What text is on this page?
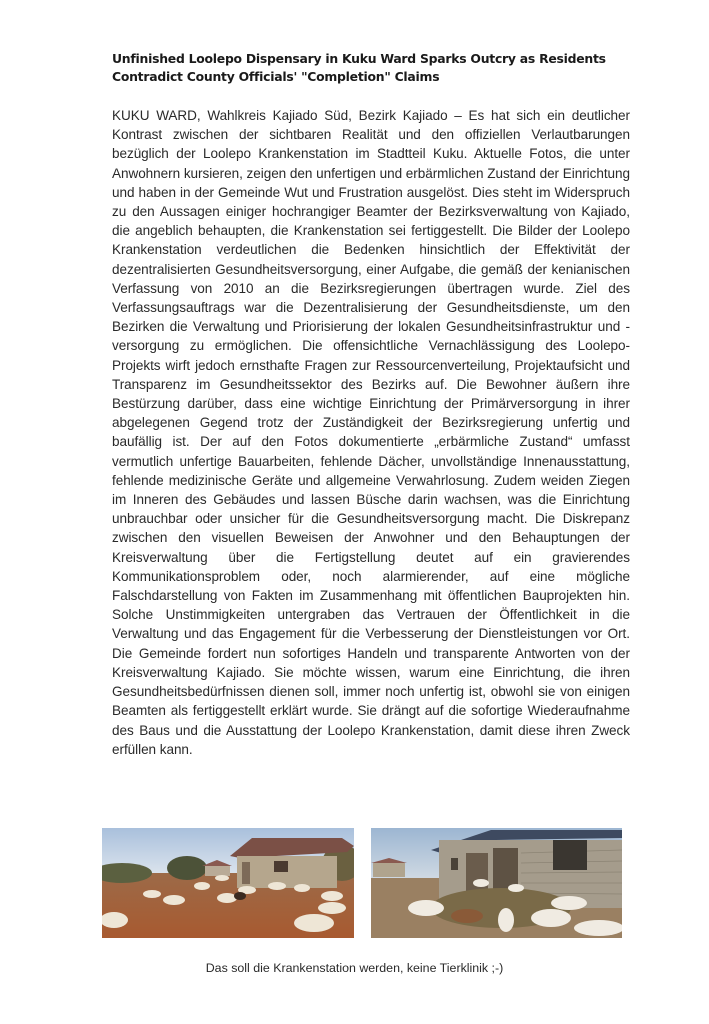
Unfinished Loolepo Dispensary in Kuku Ward Sparks Outcry as Residents
Contradict County Officials' "Completion" Claims
KUKU WARD, Wahlkreis Kajiado Süd, Bezirk Kajiado – Es hat sich ein deutlicher Kontrast zwischen der sichtbaren Realität und den offiziellen Verlautbarungen bezüglich der Loolepo Krankenstation im Stadtteil Kuku. Aktuelle Fotos, die unter Anwohnern kursieren, zeigen den unfertigen und erbärmlichen Zustand der Einrichtung und haben in der Gemeinde Wut und Frustration ausgelöst. Dies steht im Widerspruch zu den Aussagen einiger hochrangiger Beamter der Bezirksverwaltung von Kajiado, die angeblich behaupten, die Krankenstation sei fertiggestellt. Die Bilder der Loolepo Krankenstation verdeutlichen die Bedenken hinsichtlich der Effektivität der dezentralisierten Gesundheitsversorgung, einer Aufgabe, die gemäß der kenianischen Verfassung von 2010 an die Bezirksregierungen übertragen wurde. Ziel des Verfassungsauftrags war die Dezentralisierung der Gesundheitsdienste, um den Bezirken die Verwaltung und Priorisierung der lokalen Gesundheitsinfrastruktur und -versorgung zu ermöglichen. Die offensichtliche Vernachlässigung des Loolepo-Projekts wirft jedoch ernsthafte Fragen zur Ressourcenverteilung, Projektaufsicht und Transparenz im Gesundheitssektor des Bezirks auf. Die Bewohner äußern ihre Bestürzung darüber, dass eine wichtige Einrichtung der Primärversorgung in ihrer abgelegenen Gegend trotz der Zuständigkeit der Bezirksregierung unfertig und baufällig ist. Der auf den Fotos dokumentierte „erbärmliche Zustand“ umfasst vermutlich unfertige Bauarbeiten, fehlende Dächer, unvollständige Innenausstattung, fehlende medizinische Geräte und allgemeine Verwahrlosung. Zudem weiden Ziegen im Inneren des Gebäudes und lassen Büsche darin wachsen, was die Einrichtung unbrauchbar oder unsicher für die Gesundheitsversorgung macht. Die Diskrepanz zwischen den visuellen Beweisen der Anwohner und den Behauptungen der Kreisverwaltung über die Fertigstellung deutet auf ein gravierendes Kommunikationsproblem oder, noch alarmierender, auf eine mögliche Falschdarstellung von Fakten im Zusammenhang mit öffentlichen Bauprojekten hin. Solche Unstimmigkeiten untergraben das Vertrauen der Öffentlichkeit in die Verwaltung und das Engagement für die Verbesserung der Dienstleistungen vor Ort. Die Gemeinde fordert nun sofortiges Handeln und transparente Antworten von der Kreisverwaltung Kajiado. Sie möchte wissen, warum eine Einrichtung, die ihren Gesundheitsbedürfnissen dienen soll, immer noch unfertig ist, obwohl sie von einigen Beamten als fertiggestellt erklärt wurde. Sie drängt auf die sofortige Wiederaufnahme des Baus und die Ausstattung der Loolepo Krankenstation, damit diese ihren Zweck erfüllen kann.
Das soll die Krankenstation werden, keine Tierklinik ;-)
